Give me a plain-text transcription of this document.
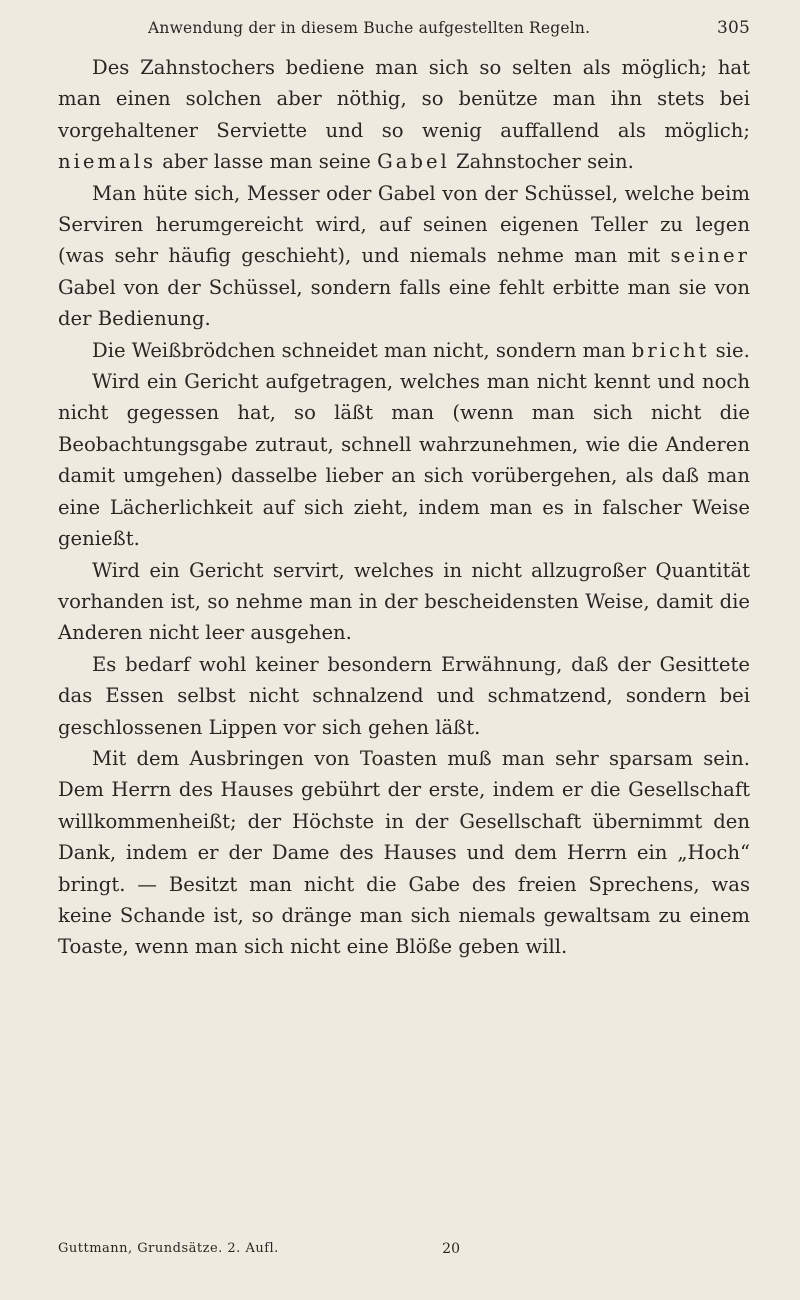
Anwendung der in diesem Buche aufgestellten Regeln.	305

Des Zahnstochers bediene man sich so selten als möglich; hat man einen solchen aber nöthig, so benütze man ihn stets bei vorgehaltener Serviette und so wenig auffallend als möglich; niemals aber lasse man seine Gabel Zahnstocher sein.

Man hüte sich, Messer oder Gabel von der Schüssel, welche beim Serviren herumgereicht wird, auf seinen eigenen Teller zu legen (was sehr häufig geschieht), und niemals nehme man mit seiner Gabel von der Schüssel, sondern falls eine fehlt erbitte man sie von der Bedienung.

Die Weißbrödchen schneidet man nicht, sondern man bricht sie.

Wird ein Gericht aufgetragen, welches man nicht kennt und noch nicht gegessen hat, so läßt man (wenn man sich nicht die Beobachtungsgabe zutraut, schnell wahrzunehmen, wie die Anderen damit umgehen) dasselbe lieber an sich vorübergehen, als daß man eine Lächerlichkeit auf sich zieht, indem man es in falscher Weise genießt.

Wird ein Gericht servirt, welches in nicht allzugroßer Quantität vorhanden ist, so nehme man in der bescheidensten Weise, damit die Anderen nicht leer ausgehen.

Es bedarf wohl keiner besondern Erwähnung, daß der Gesittete das Essen selbst nicht schnalzend und schmatzend, sondern bei geschlossenen Lippen vor sich gehen läßt.

Mit dem Ausbringen von Toasten muß man sehr sparsam sein. Dem Herrn des Hauses gebührt der erste, indem er die Gesellschaft willkommenheißt; der Höchste in der Gesellschaft übernimmt den Dank, indem er der Dame des Hauses und dem Herrn ein „Hoch“ bringt. — Besitzt man nicht die Gabe des freien Sprechens, was keine Schande ist, so dränge man sich niemals gewaltsam zu einem Toaste, wenn man sich nicht eine Blöße geben will.

Guttmann, Grundsätze. 2. Aufl.	20
